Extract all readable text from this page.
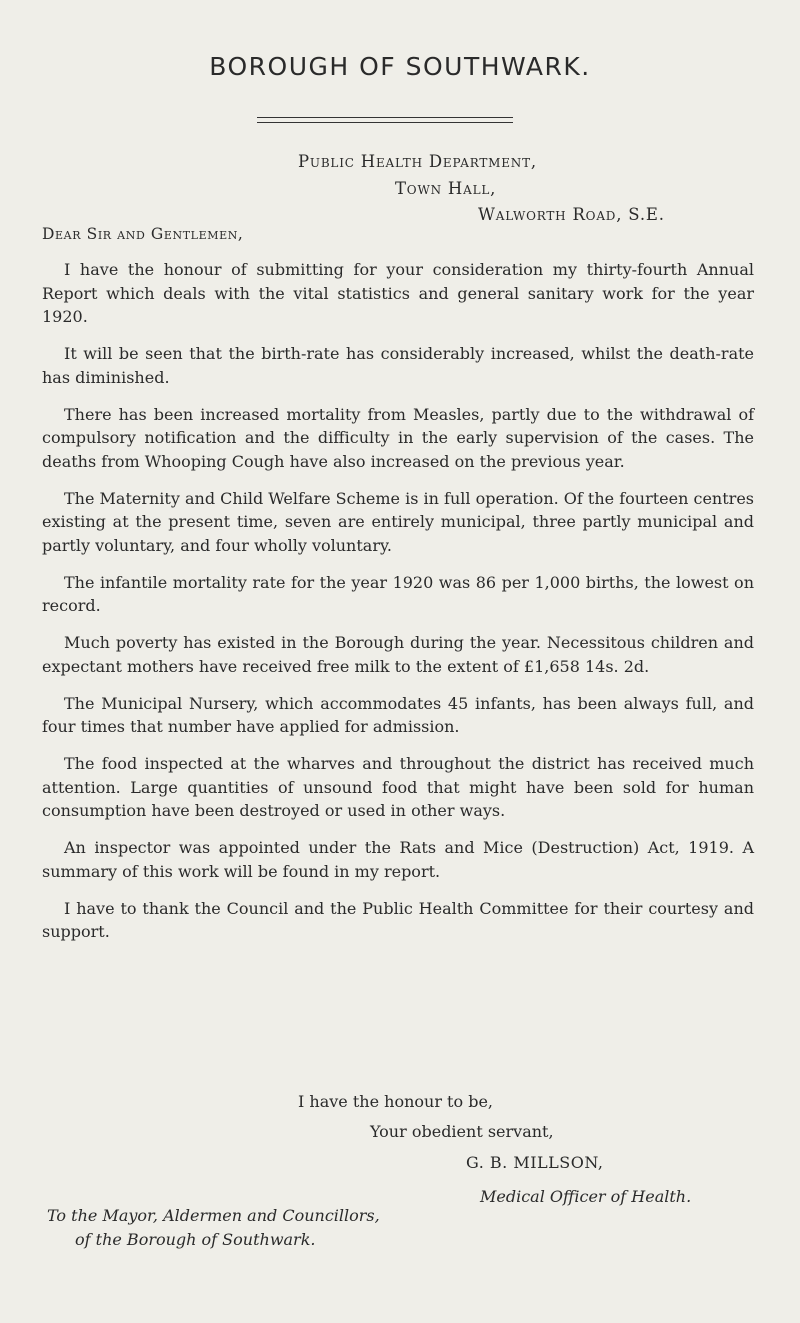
BOROUGH OF SOUTHWARK.
Public Health Department,
Town Hall,
Walworth Road, S.E.
Dear Sir and Gentlemen,

I have the honour of submitting for your consideration my thirty-fourth Annual Report which deals with the vital statistics and general sanitary work for the year 1920.

It will be seen that the birth-rate has considerably increased, whilst the death-rate has diminished.

There has been increased mortality from Measles, partly due to the withdrawal of compulsory notification and the difficulty in the early supervision of the cases. The deaths from Whooping Cough have also increased on the previous year.

The Maternity and Child Welfare Scheme is in full operation. Of the fourteen centres existing at the present time, seven are entirely municipal, three partly municipal and partly voluntary, and four wholly voluntary.

The infantile mortality rate for the year 1920 was 86 per 1,000 births, the lowest on record.

Much poverty has existed in the Borough during the year. Necessitous children and expectant mothers have received free milk to the extent of £1,658 14s. 2d.

The Municipal Nursery, which accommodates 45 infants, has been always full, and four times that number have applied for admission.

The food inspected at the wharves and throughout the district has received much attention. Large quantities of unsound food that might have been sold for human consumption have been destroyed or used in other ways.

An inspector was appointed under the Rats and Mice (Destruction) Act, 1919. A summary of this work will be found in my report.

I have to thank the Council and the Public Health Committee for their courtesy and support.

I have the honour to be,
Your obedient servant,
G. B. MILLSON,
Medical Officer of Health.
To the Mayor, Aldermen and Councillors,
of the Borough of Southwark.
